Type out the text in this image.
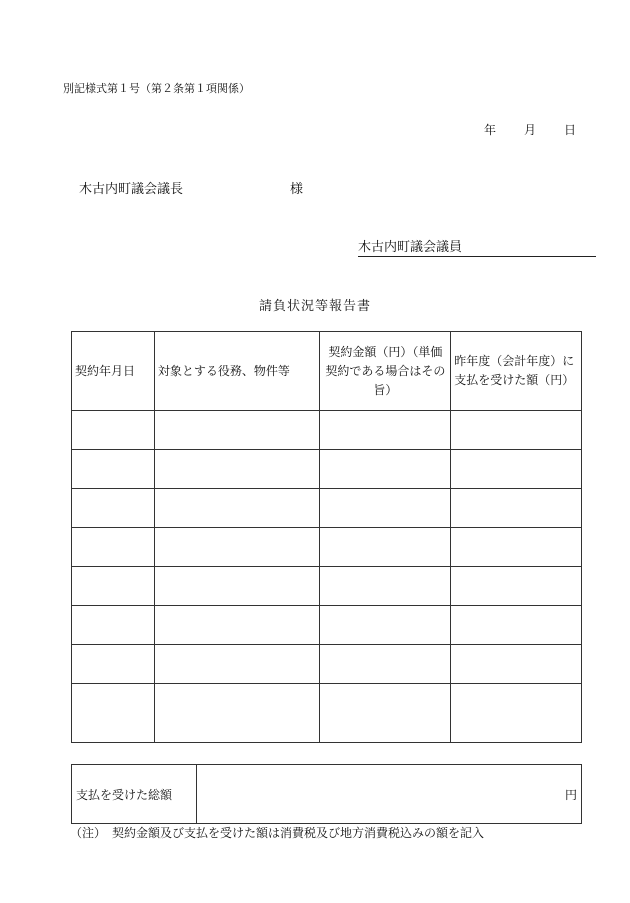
別記様式第１号（第２条第１項関係）
年 月 日
木古内町議会議長	様
木古内町議会議員
請負状況等報告書
契約年月日	対象とする役務、物件等	契約金額（円）（単価契約である場合はその旨）	昨年度（会計年度）に支払を受けた額（円）

支払を受けた総額	円
（注）　契約金額及び支払を受けた額は消費税及び地方消費税込みの額を記入
